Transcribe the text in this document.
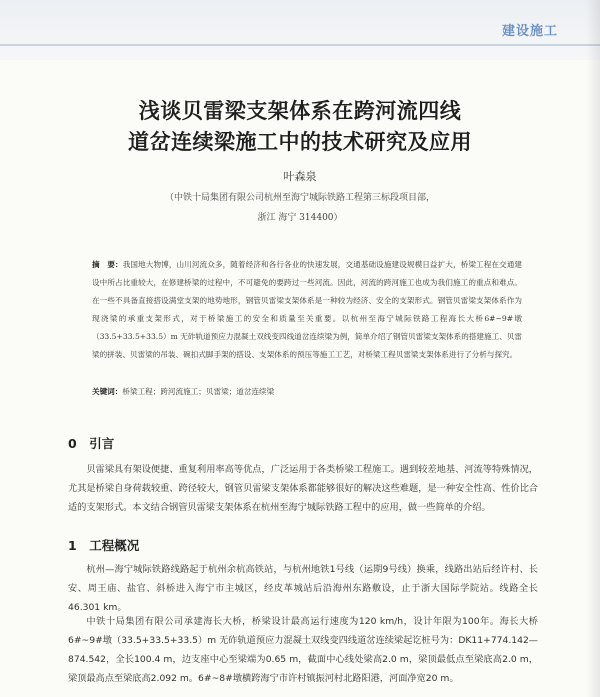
建设施工
浅谈贝雷梁支架体系在跨河流四线
道岔连续梁施工中的技术研究及应用
叶森泉
（中铁十局集团有限公司杭州至海宁城际铁路工程第三标段项目部，
浙江 海宁 314400）

摘　要：我国地大物博，山川河流众多，随着经济和各行各业的快速发展，交通基础设施建设规模日益扩大，桥梁工程在交通建设中所占比重较大，在修建桥梁的过程中，不可避免的要跨过一些河流。因此，河流的跨河施工也成为我们施工的重点和难点。在一些不具备直接搭设满堂支架的地势地形，钢管贝雷梁支架体系是一种较为经济、安全的支架形式。钢管贝雷梁支架体系作为现浇梁的承重支架形式，对于桥梁施工的安全和质量至关重要。以杭州至海宁城际铁路工程海长大桥6#~9#墩（33.5+33.5+33.5）m 无砟轨道预应力混凝土双线变四线道岔连续梁为例，简单介绍了钢管贝雷梁支架体系的搭建施工、贝雷梁的拼装、贝雷梁的吊装、碗扣式脚手架的搭设、支架体系的预压等施工工艺，对桥梁工程贝雷梁支架体系进行了分析与探究。

关键词：桥梁工程；跨河流施工；贝雷梁；道岔连续梁

0　引言

贝雷梁具有架设便捷、重复利用率高等优点，广泛运用于各类桥梁工程施工。遇到较差地基、河流等特殊情况，尤其是桥梁自身荷载较重、跨径较大，钢管贝雷梁支架体系都能够很好的解决这些难题，是一种安全性高、性价比合适的支架形式。本文结合钢管贝雷梁支架体系在杭州至海宁城际铁路工程中的应用，做一些简单的介绍。

1　工程概况

杭州—海宁城际铁路线路起于杭州余杭高铁站，与杭州地铁1号线（运期9号线）换乘，线路出站后经许村、长安、周王庙、盐官、斜桥进入海宁市主城区，经皮革城站后沿海州东路敷设，止于浙大国际学院站。线路全长46.301 km。

中铁十局集团有限公司承建海长大桥，桥梁设计最高运行速度为120 km/h，设计年限为100年。海长大桥6#~9#墩（33.5+33.5+33.5）m 无砟轨道预应力混凝土双线变四线道岔连续梁起讫桩号为：DK11+774.142—874.542，全长100.4 m，边支座中心至梁端为0.65 m，截面中心线处梁高2.0 m，梁顶最低点至梁底高2.0 m，梁顶最高点至梁底高2.092 m。6#~8#墩横跨海宁市许村镇振河村北路阳港，河面净宽20 m。
